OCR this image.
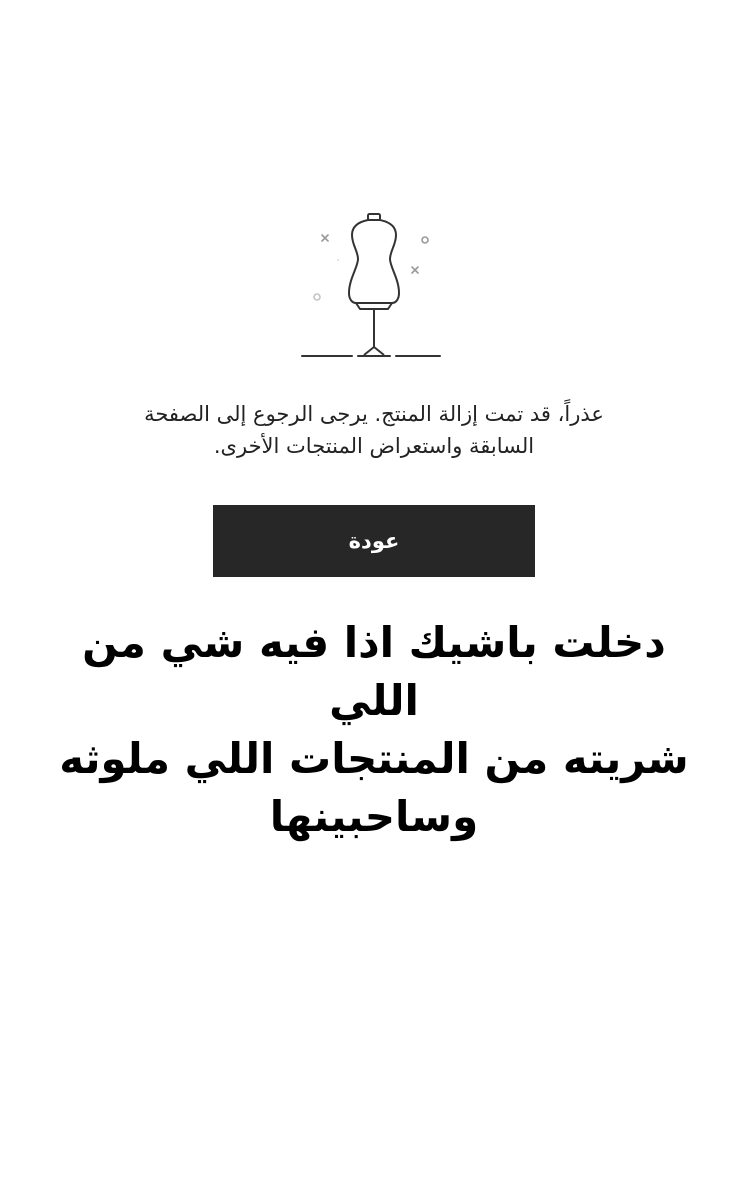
عذراً، قد تمت إزالة المنتج. يرجى الرجوع إلى الصفحة
السابقة واستعراض المنتجات الأخرى.

عودة

دخلت باشيك اذا فيه شي من اللي
شريته من المنتجات اللي ملوثه
وساحبينها
